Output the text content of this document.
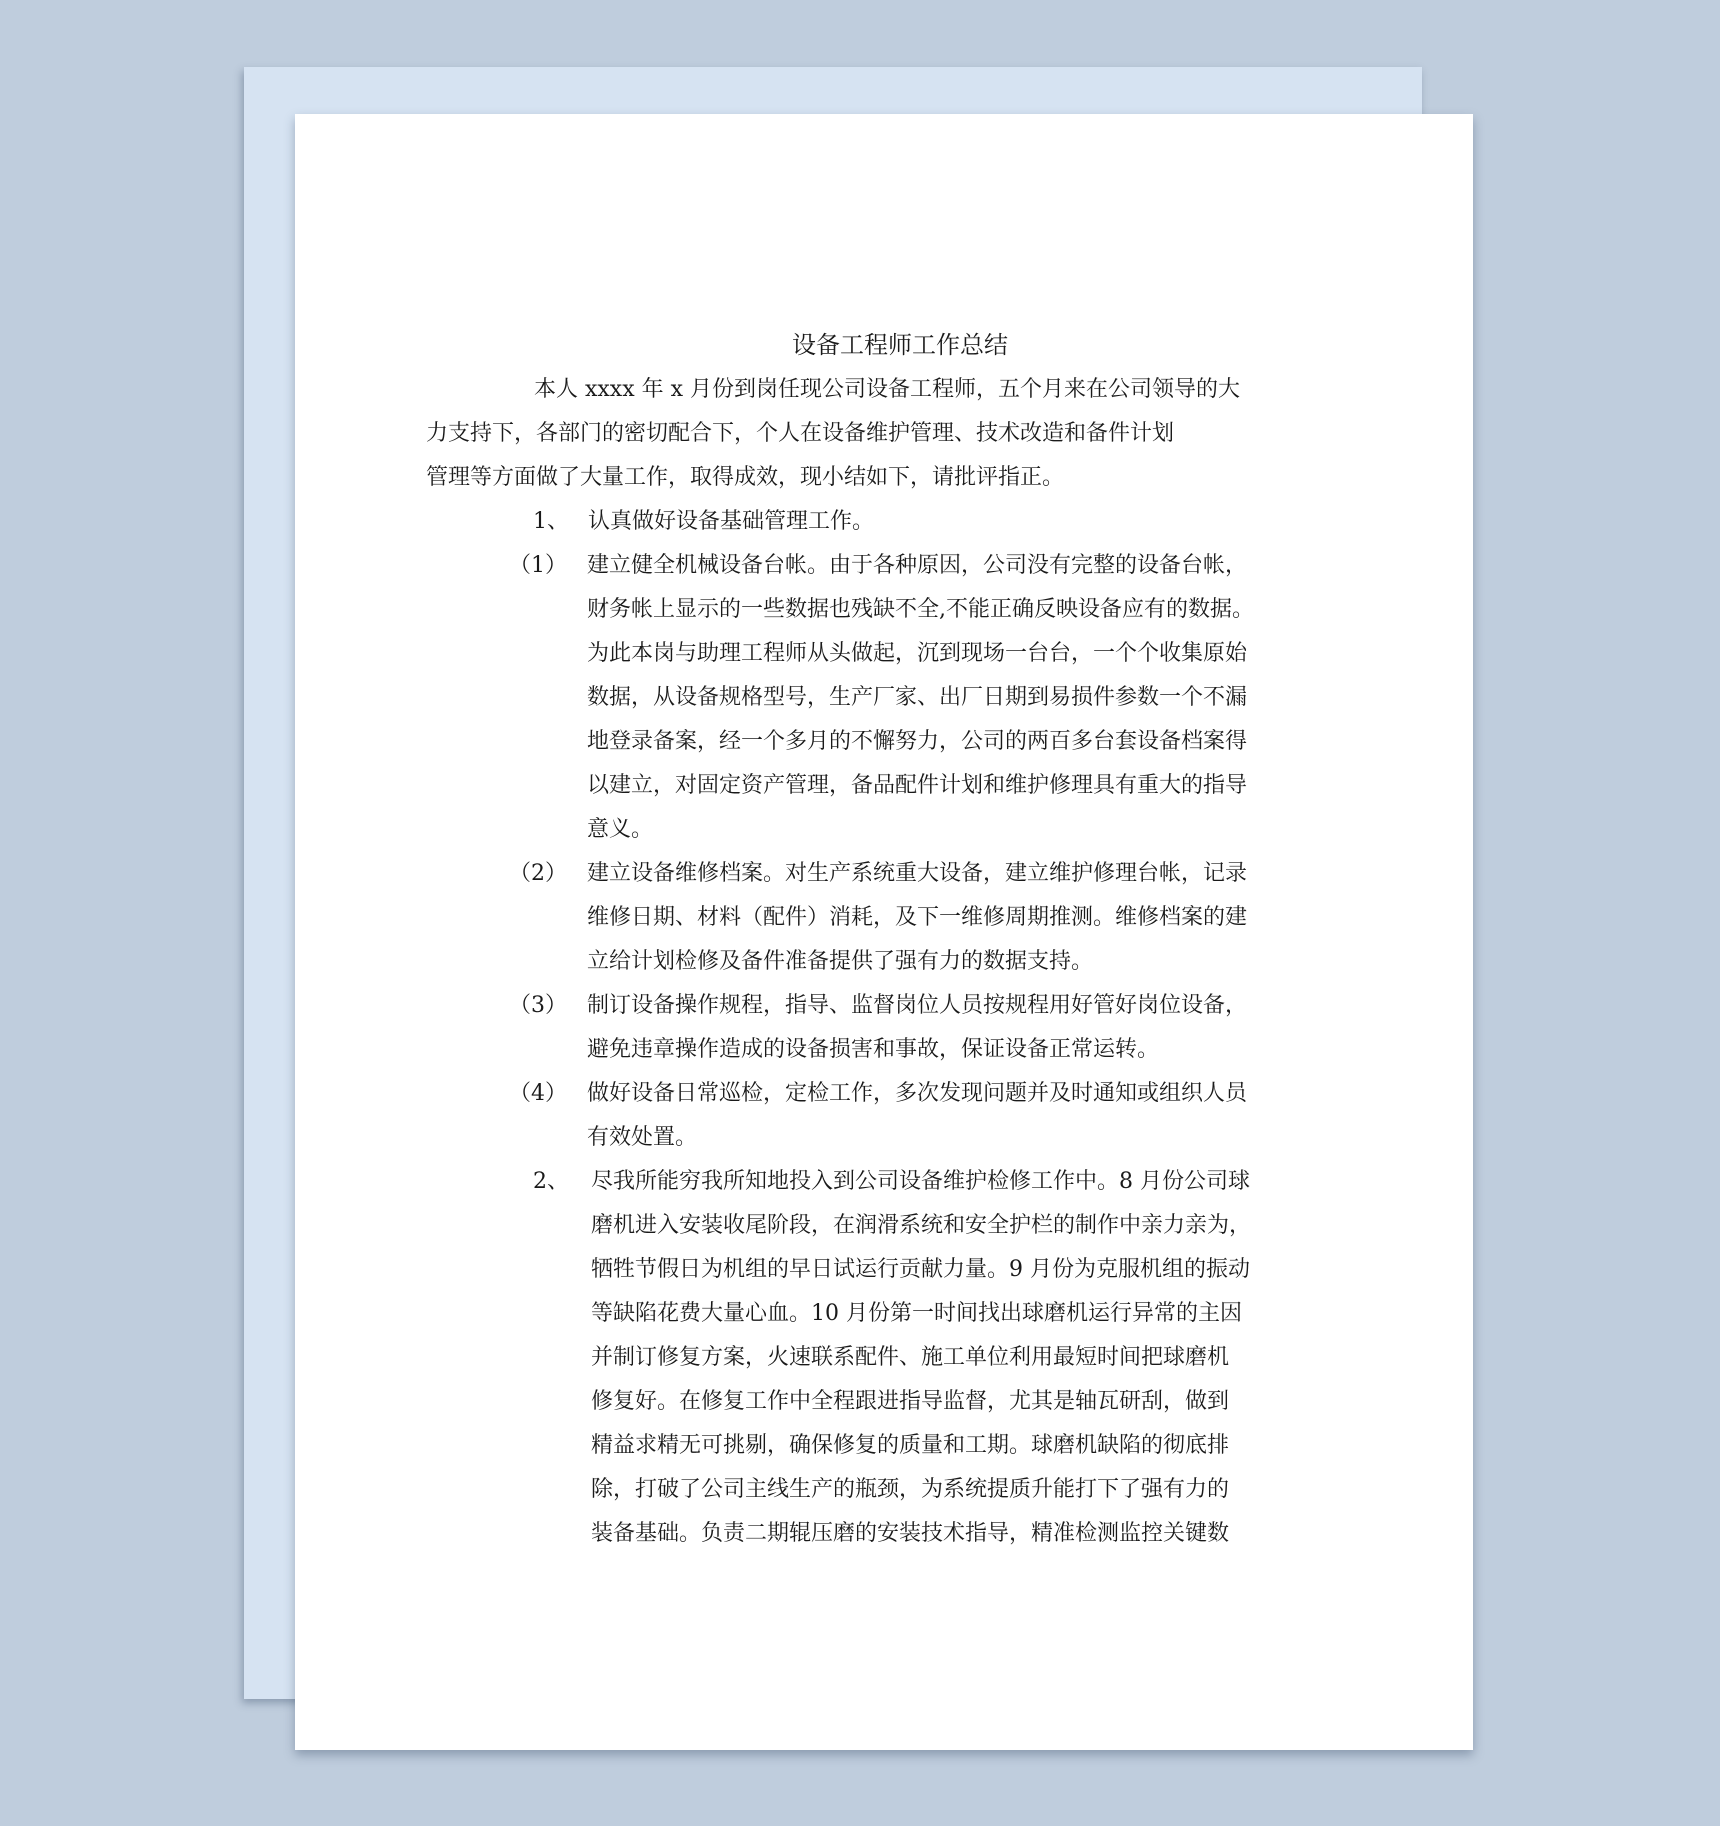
设备工程师工作总结
本人 xxxx 年 x 月份到岗任现公司设备工程师，五个月来在公司领导的大
力支持下，各部门的密切配合下，个人在设备维护管理、技术改造和备件计划
管理等方面做了大量工作，取得成效，现小结如下，请批评指正。
1、 认真做好设备基础管理工作。
（1） 建立健全机械设备台帐。由于各种原因，公司没有完整的设备台帐，
财务帐上显示的一些数据也残缺不全,不能正确反映设备应有的数据。
为此本岗与助理工程师从头做起，沉到现场一台台，一个个收集原始
数据，从设备规格型号，生产厂家、出厂日期到易损件参数一个不漏
地登录备案，经一个多月的不懈努力，公司的两百多台套设备档案得
以建立，对固定资产管理，备品配件计划和维护修理具有重大的指导
意义。
（2） 建立设备维修档案。对生产系统重大设备，建立维护修理台帐，记录
维修日期、材料（配件）消耗，及下一维修周期推测。维修档案的建
立给计划检修及备件准备提供了强有力的数据支持。
（3） 制订设备操作规程，指导、监督岗位人员按规程用好管好岗位设备，
避免违章操作造成的设备损害和事故，保证设备正常运转。
（4） 做好设备日常巡检，定检工作，多次发现问题并及时通知或组织人员
有效处置。
2、	尽我所能穷我所知地投入到公司设备维护检修工作中。8 月份公司球
磨机进入安装收尾阶段，在润滑系统和安全护栏的制作中亲力亲为，
牺牲节假日为机组的早日试运行贡献力量。9 月份为克服机组的振动
等缺陷花费大量心血。10 月份第一时间找出球磨机运行异常的主因
并制订修复方案，火速联系配件、施工单位利用最短时间把球磨机
修复好。在修复工作中全程跟进指导监督，尤其是轴瓦研刮，做到
精益求精无可挑剔，确保修复的质量和工期。球磨机缺陷的彻底排
除，打破了公司主线生产的瓶颈，为系统提质升能打下了强有力的
装备基础。负责二期辊压磨的安装技术指导，精准检测监控关键数
